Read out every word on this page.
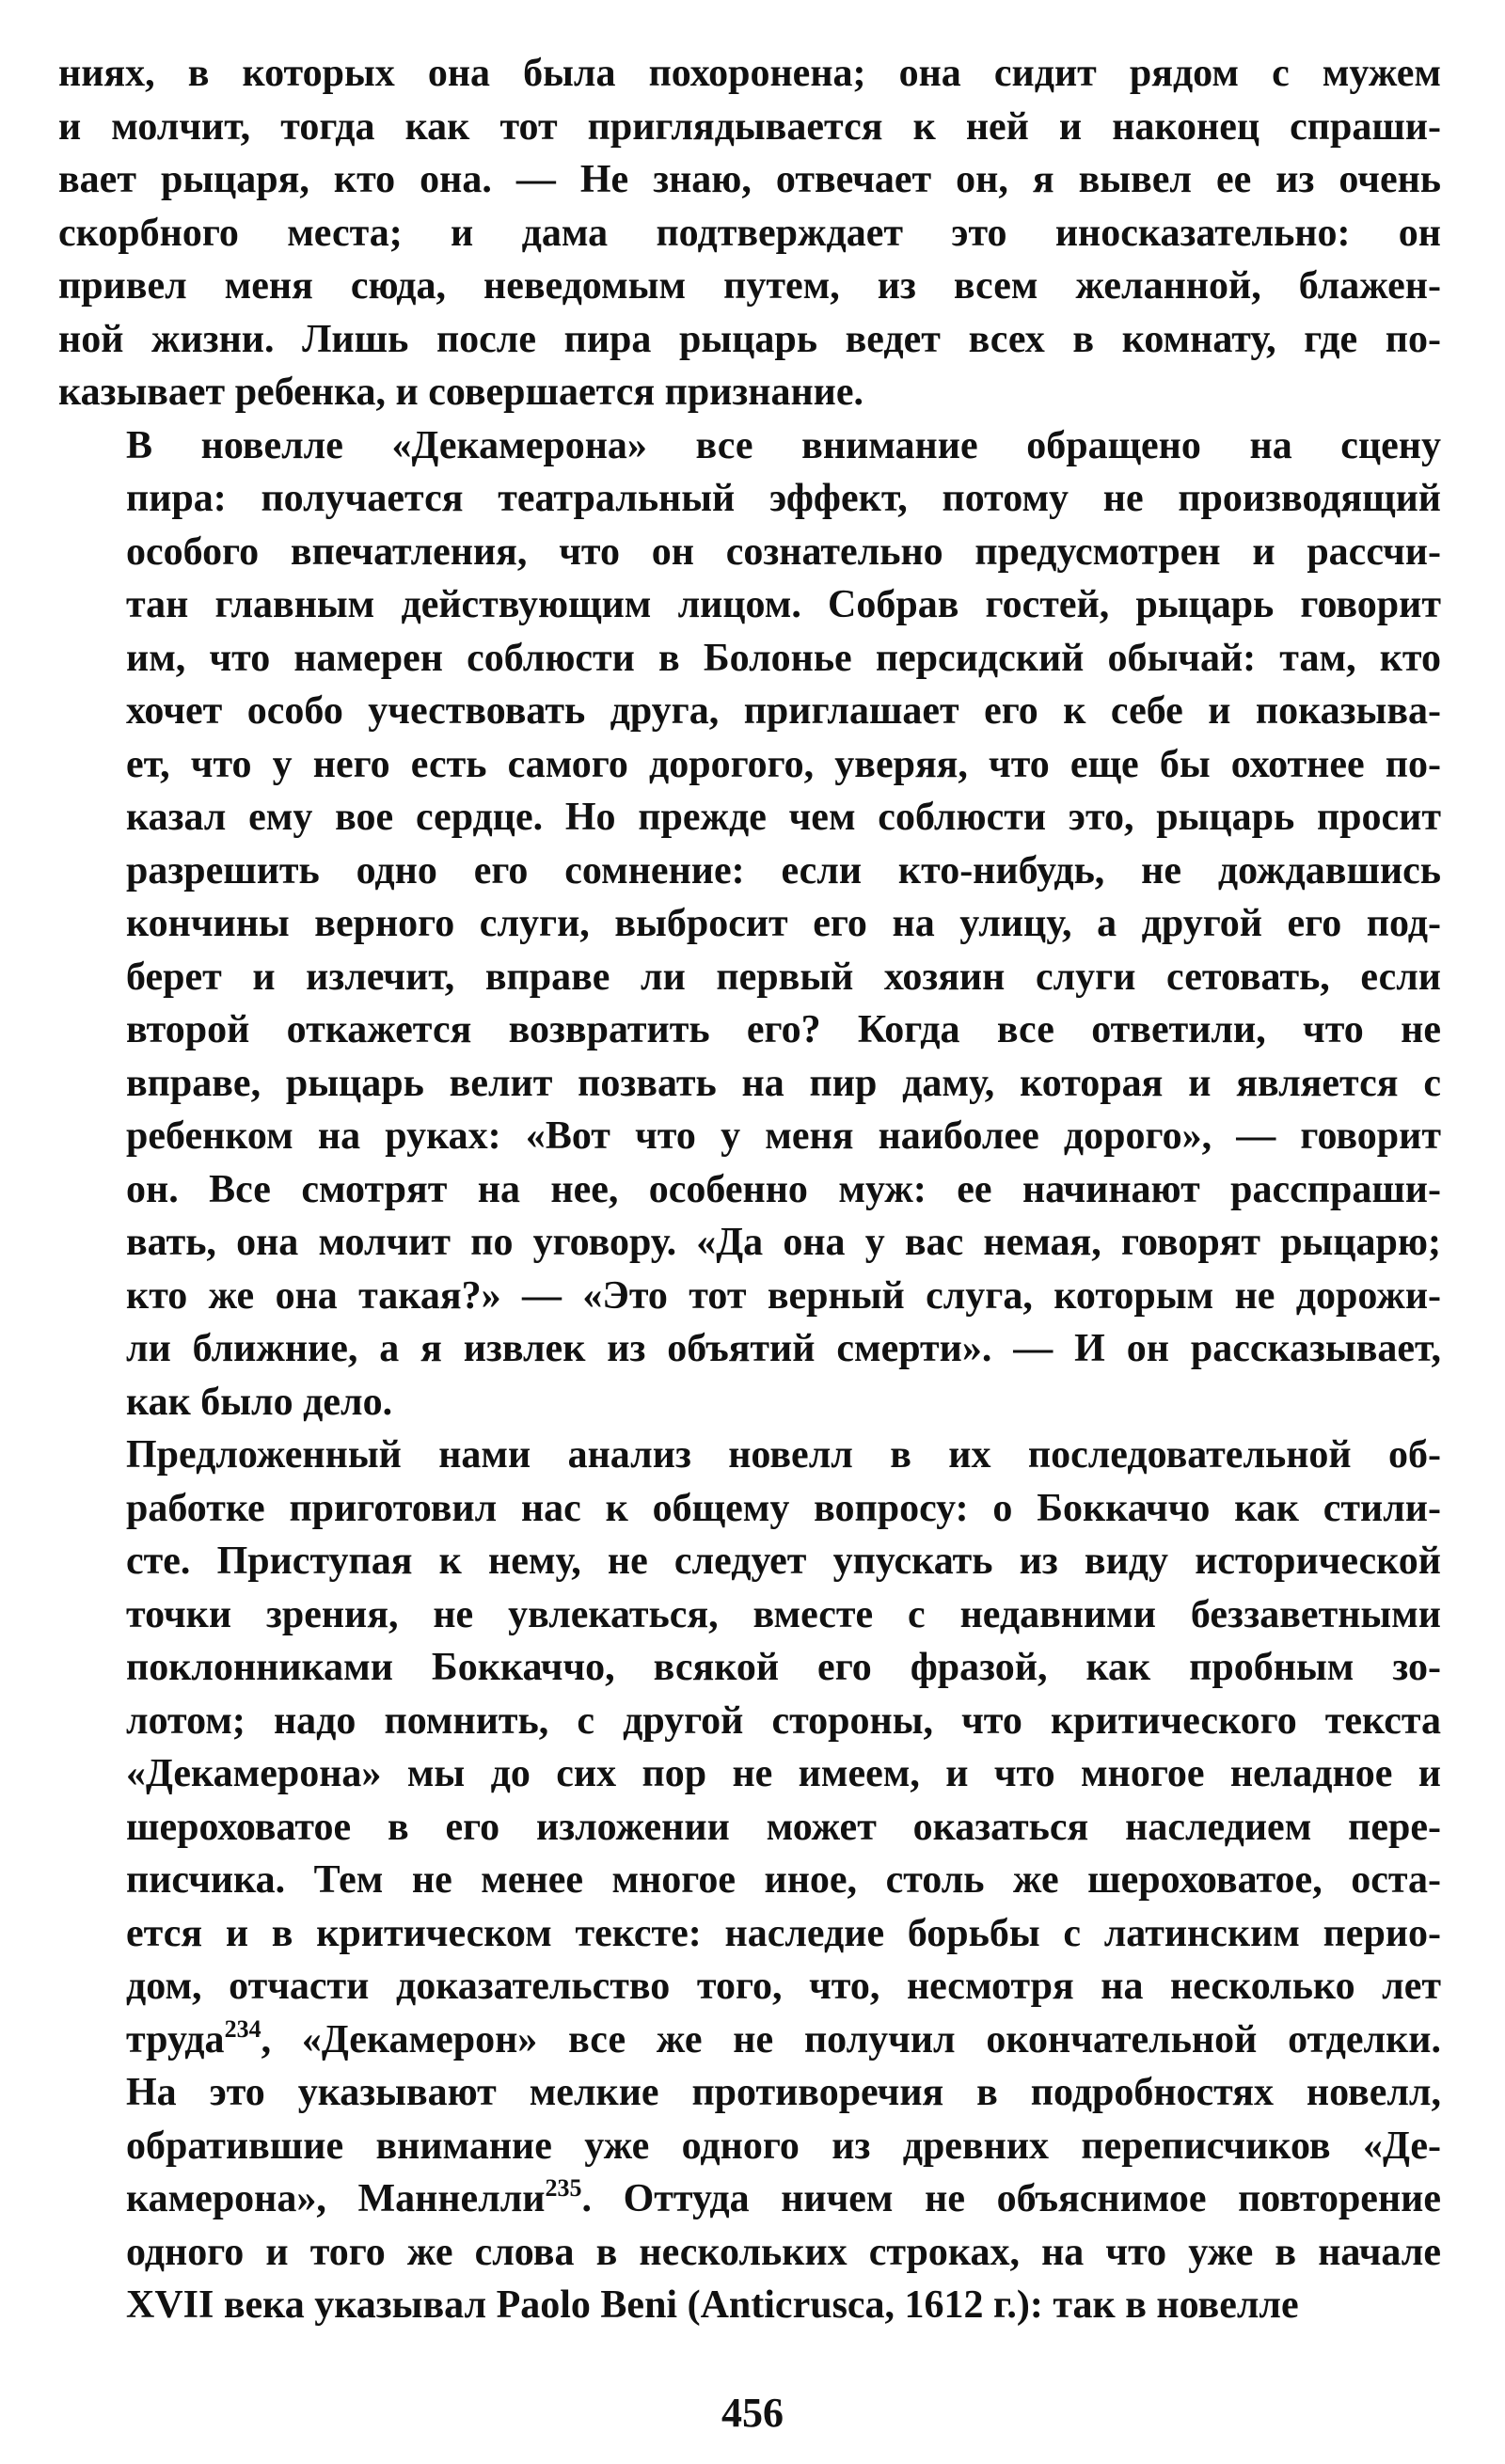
ниях, в которых она была похоронена; она сидит рядом с мужем
и молчит, тогда как тот приглядывается к ней и наконец спраши-
вает рыцаря, кто она. — Не знаю, отвечает он, я вывел ее из очень
скорбного места; и дама подтверждает это иносказательно: он
привел меня сюда, неведомым путем, из всем желанной, блажен-
ной жизни. Лишь после пира рыцарь ведет всех в комнату, где по-
казывает ребенка, и совершается признание.
В новелле «Декамерона» все внимание обращено на сцену
пира: получается театральный эффект, потому не производящий
особого впечатления, что он сознательно предусмотрен и рассчи-
тан главным действующим лицом. Собрав гостей, рыцарь говорит
им, что намерен соблюсти в Болонье персидский обычай: там, кто
хочет особо учествовать друга, приглашает его к себе и показыва-
ет, что у него есть самого дорогого, уверяя, что еще бы охотнее по-
казал ему вое сердце. Но прежде чем соблюсти это, рыцарь просит
разрешить одно его сомнение: если кто-нибудь, не дождавшись
кончины верного слуги, выбросит его на улицу, а другой его под-
берет и излечит, вправе ли первый хозяин слуги сетовать, если
второй откажется возвратить его? Когда все ответили, что не
вправе, рыцарь велит позвать на пир даму, которая и является с
ребенком на руках: «Вот что у меня наиболее дорого», — говорит
он. Все смотрят на нее, особенно муж: ее начинают расспраши-
вать, она молчит по уговору. «Да она у вас немая, говорят рыцарю;
кто же она такая?» — «Это тот верный слуга, которым не дорожи-
ли ближние, а я извлек из объятий смерти». — И он рассказывает,
как было дело.
Предложенный нами анализ новелл в их последовательной об-
работке приготовил нас к общему вопросу: о Боккаччо как стили-
сте. Приступая к нему, не следует упускать из виду исторической
точки зрения, не увлекаться, вместе с недавними беззаветными
поклонниками Боккаччо, всякой его фразой, как пробным зо-
лотом; надо помнить, с другой стороны, что критического текста
«Декамерона» мы до сих пор не имеем, и что многое неладное и
шероховатое в его изложении может оказаться наследием пере-
писчика. Тем не менее многое иное, столь же шероховатое, оста-
ется и в критическом тексте: наследие борьбы с латинским перио-
дом, отчасти доказательство того, что, несмотря на несколько лет
труда$^{234}$, «Декамерон» все же не получил окончательной отделки.
На это указывают мелкие противоречия в подробностях новелл,
обратившие внимание уже одного из древних переписчиков «Де-
камерона», Маннелли$^{235}$. Оттуда ничем не объяснимое повторение
одного и того же слова в нескольких строках, на что уже в начале
XVII века указывал Paolo Beni (Anticrusca, 1612 г.): так в новелле
456
